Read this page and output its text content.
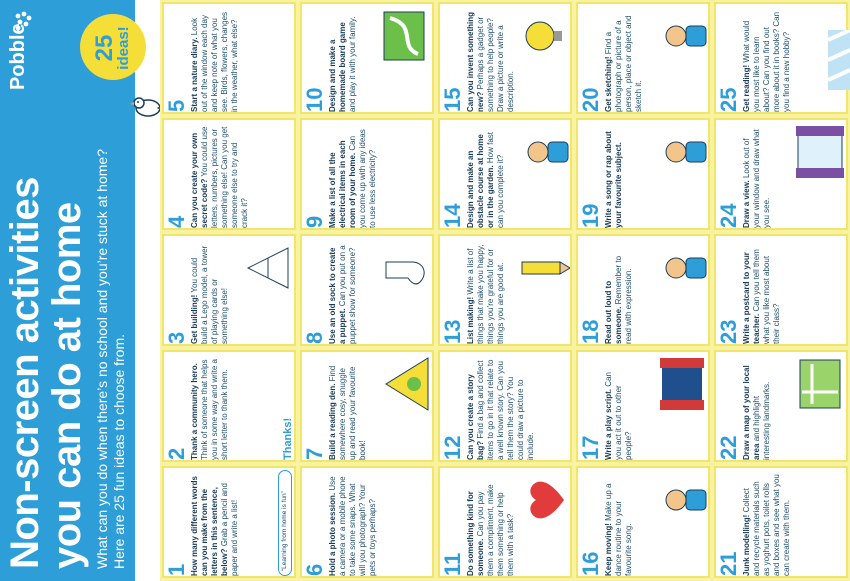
Non-screen activities you can do at home What can you do when there’s no school and you’re stuck at home? Here are 25 fun ideas to choose from.
Pobble	25
ideas!
1 How many different words can you make from the letters in this sentence, below? Grab a pencil and paper and write a list!	“Learning from home is fun”
2 Thank a community hero. Think of someone that helps you in some way and write a short letter to thank them.	Thanks!
3 Get building! You could build a Lego model, a tower of playing cards or something else!
4 Can you create your own secret code? You could use letters, numbers, pictures or something else! Can you get someone else to try and crack it?
5 Start a nature diary. Look out of the window each day and keep note of what you see. Birds, flowers, changes in the weather, what else?
6 Hold a photo session. Use a camera or a mobile phone to take some snaps. What will you photograph? Your pets or toys perhaps?
7 Build a reading den. Find somewhere cosy, snuggle up and read your favourite book!
8 Use an old sock to create a puppet. Can you put on a puppet show for someone?
9 Make a list of all the electrical items in each room of your home. Can you come up with any ideas to use less electricity?
10 Design and make a homemade board game and play it with your family.
11 Do something kind for someone. Can you pay them a compliment, make them something or help them with a task?
12 Can you create a story bag? Find a bag and collect items to go in it that relate to a well known story. Can you tell them the story? You could draw a picture to include.
13 List making! Write a list of things that make you happy, things you’re grateful for or things you are good at.
14 Design and make an obstacle course at home or in the garden. How fast can you complete it?
15 Can you invent something new? Perhaps a gadget or something to help people? Draw a picture or write a description.
16 Keep moving! Make up a dance routine to your favourite song.
17 Write a play script. Can you act it out to other people?
18 Read out loud to someone. Remember to read with expression.
19 Write a song or rap about your favourite subject.
20 Get sketching! Find a photograph or picture of a person, place or object and sketch it.
21 Junk modelling! Collect and recycle materials such as yoghurt pots, toilet rolls and boxes and see what you can create with them.
22 Draw a map of your local area and highlight interesting landmarks.
23 Write a postcard to your teacher. Can you tell them what you like most about their class?
24 Draw a view. Look out of your window and draw what you see.
25 Get reading! What would you most like to learn about? Can you find out more about it in books? Can you find a new hobby?
